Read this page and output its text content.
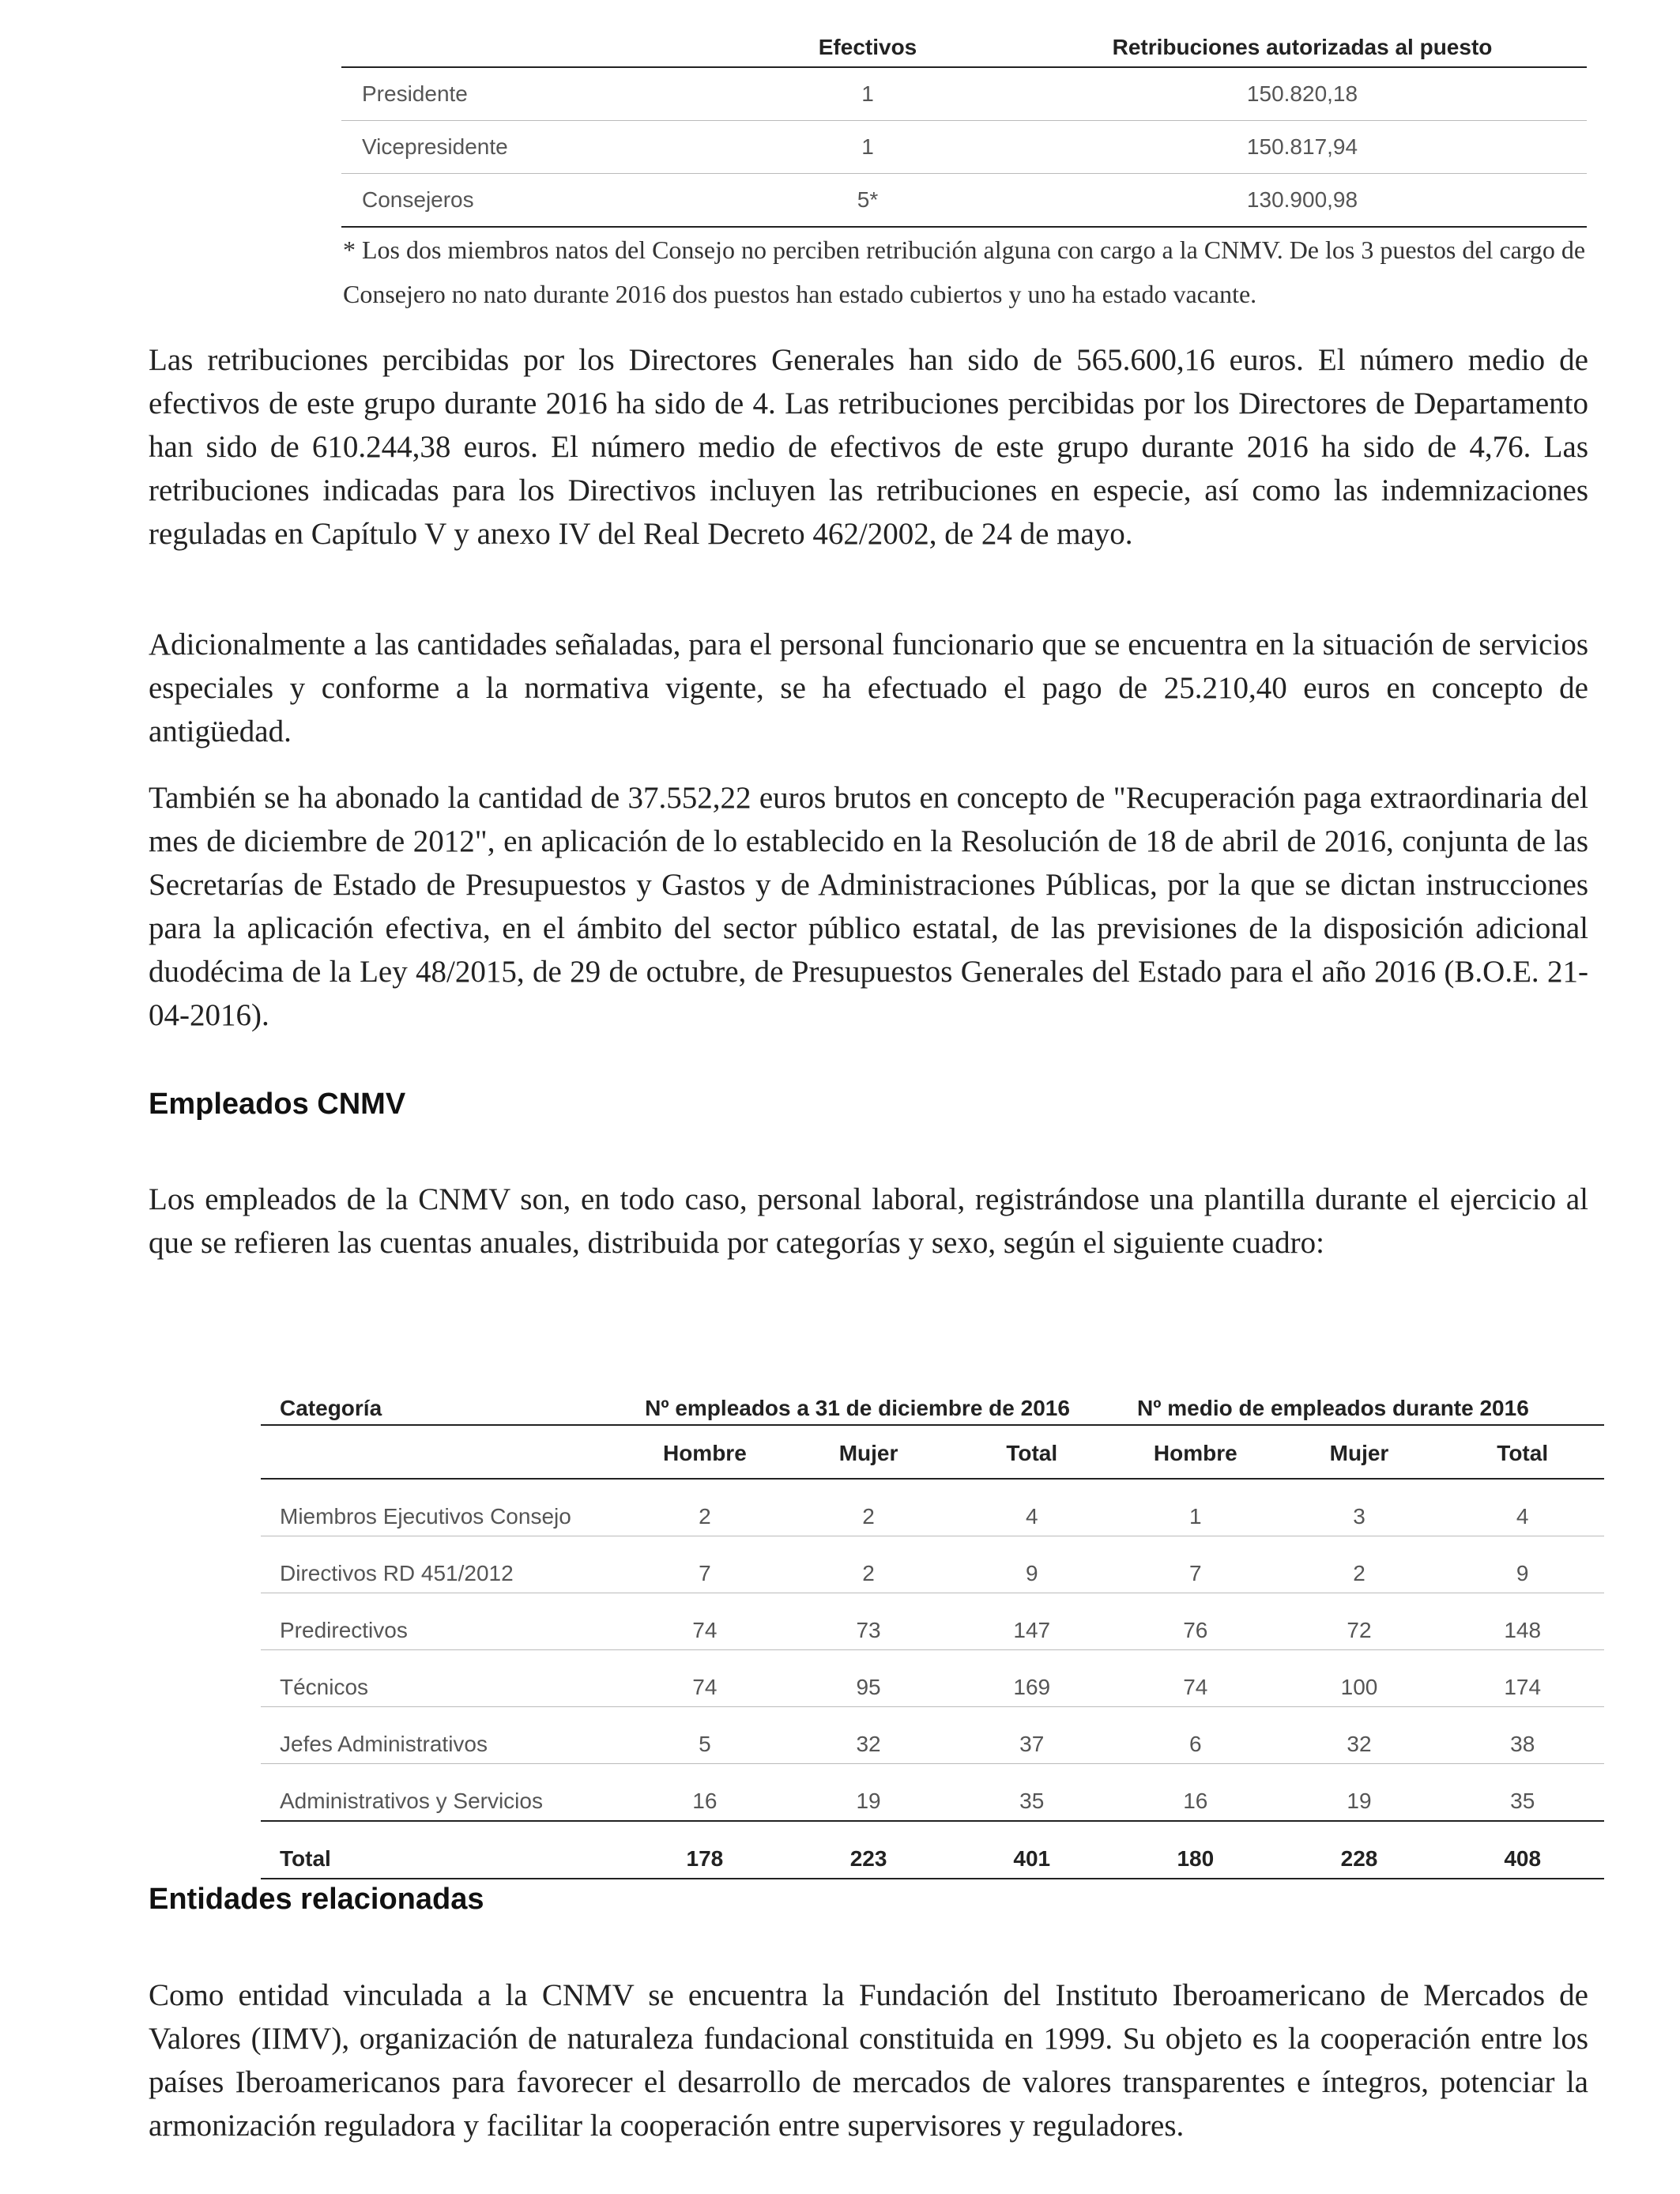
	Efectivos	Retribuciones autorizadas al puesto
Presidente	1	150.820,18
Vicepresidente	1	150.817,94
Consejeros	5*	130.900,98
* Los dos miembros natos del Consejo no perciben retribución alguna con cargo a la CNMV. De los 3 puestos del cargo de Consejero no nato durante 2016 dos puestos han estado cubiertos y uno ha estado vacante.

Las retribuciones percibidas por los Directores Generales han sido de 565.600,16 euros. El número medio de efectivos de este grupo durante 2016 ha sido de 4. Las retribuciones percibidas por los Directores de Departamento han sido de 610.244,38 euros. El número medio de efectivos de este grupo durante 2016 ha sido de 4,76. Las retribuciones indicadas para los Directivos incluyen las retribuciones en especie, así como las indemnizaciones reguladas en Capítulo V y anexo IV del Real Decreto 462/2002, de 24 de mayo.

Adicionalmente a las cantidades señaladas, para el personal funcionario que se encuentra en la situación de servicios especiales y conforme a la normativa vigente, se ha efectuado el pago de 25.210,40 euros en concepto de antigüedad.

También se ha abonado la cantidad de 37.552,22 euros brutos en concepto de "Recuperación paga extraordinaria del mes de diciembre de 2012", en aplicación de lo establecido en la Resolución de 18 de abril de 2016, conjunta de las Secretarías de Estado de Presupuestos y Gastos y de Administraciones Públicas, por la que se dictan instrucciones para la aplicación efectiva, en el ámbito del sector público estatal, de las previsiones de la disposición adicional duodécima de la Ley 48/2015, de 29 de octubre, de Presupuestos Generales del Estado para el año 2016 (B.O.E. 21-04-2016).

Empleados CNMV

Los empleados de la CNMV son, en todo caso, personal laboral, registrándose una plantilla durante el ejercicio al que se refieren las cuentas anuales, distribuida por categorías y sexo, según el siguiente cuadro:

Categoría	Nº empleados a 31 de diciembre de 2016			Nº medio de empleados durante 2016		
	Hombre	Mujer	Total	Hombre	Mujer	Total
Miembros Ejecutivos Consejo	2	2	4	1	3	4
Directivos RD 451/2012	7	2	9	7	2	9
Predirectivos	74	73	147	76	72	148
Técnicos	74	95	169	74	100	174
Jefes Administrativos	5	32	37	6	32	38
Administrativos y Servicios	16	19	35	16	19	35
Total	178	223	401	180	228	408
Entidades relacionadas

Como entidad vinculada a la CNMV se encuentra la Fundación del Instituto Iberoamericano de Mercados de Valores (IIMV), organización de naturaleza fundacional constituida en 1999. Su objeto es la cooperación entre los países Iberoamericanos para favorecer el desarrollo de mercados de valores transparentes e íntegros, potenciar la armonización reguladora y facilitar la cooperación entre supervisores y reguladores.
